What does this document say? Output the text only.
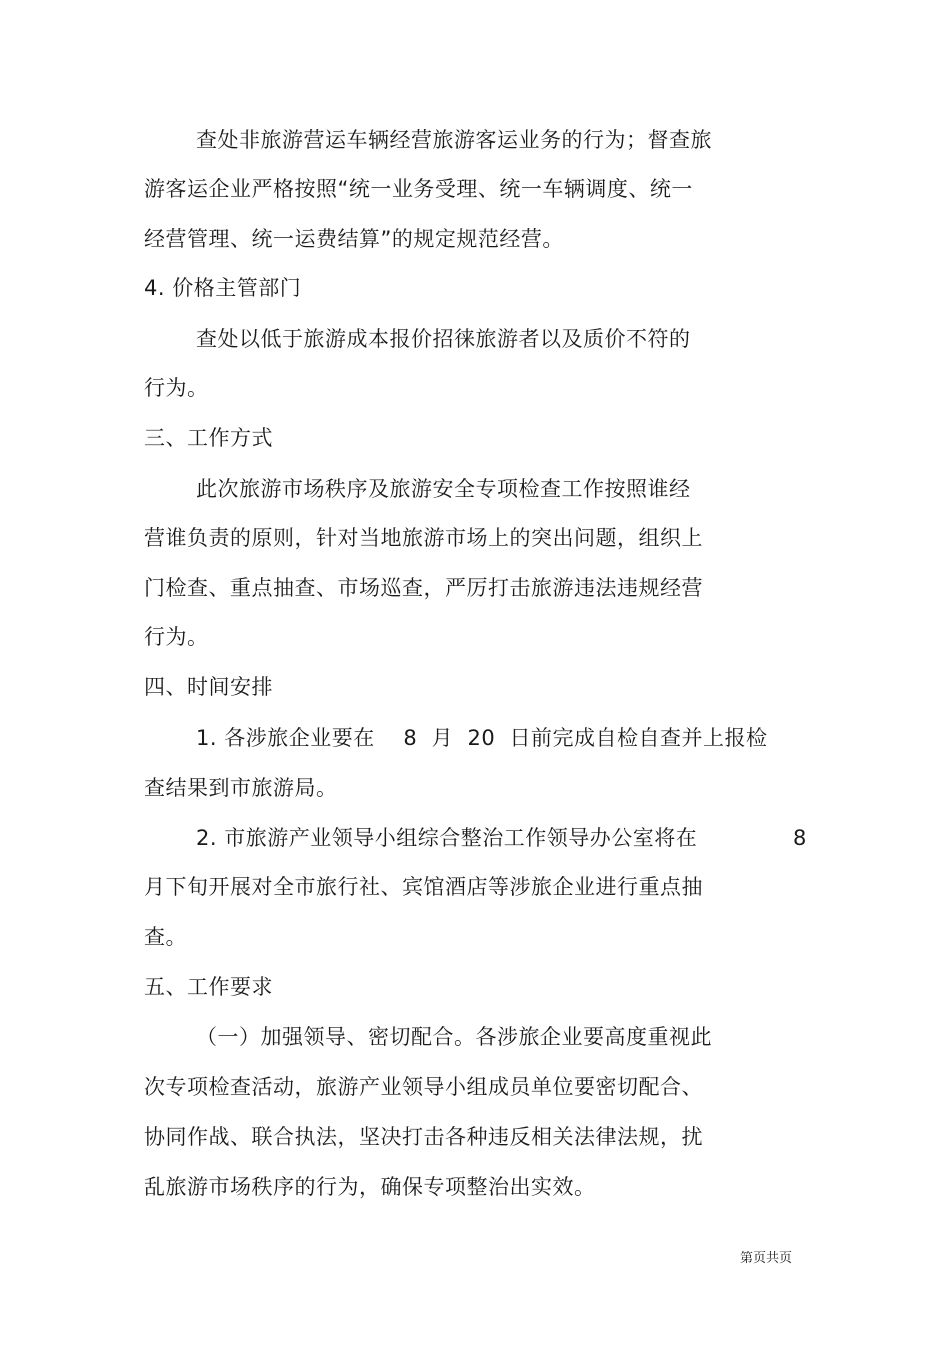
查处非旅游营运车辆经营旅游客运业务的行为；督查旅
游客运企业严格按照“统一业务受理、统一车辆调度、统一
经营管理、统一运费结算”的规定规范经营。
4. 价格主管部门
查处以低于旅游成本报价招徕旅游者以及质价不符的
行为。
三、工作方式
此次旅游市场秩序及旅游安全专项检查工作按照谁经
营谁负责的原则，针对当地旅游市场上的突出问题，组织上
门检查、重点抽查、市场巡查，严厉打击旅游违法违规经营
行为。
四、时间安排
1. 各涉旅企业要在    8  月  20  日前完成自检自查并上报检
查结果到市旅游局。
2. 市旅游产业领导小组综合整治工作领导办公室将在	8
月下旬开展对全市旅行社、宾馆酒店等涉旅企业进行重点抽
查。
五、工作要求
（一）加强领导、密切配合。各涉旅企业要高度重视此
次专项检查活动，旅游产业领导小组成员单位要密切配合、
协同作战、联合执法，坚决打击各种违反相关法律法规，扰
乱旅游市场秩序的行为，确保专项整治出实效。
第页共页
